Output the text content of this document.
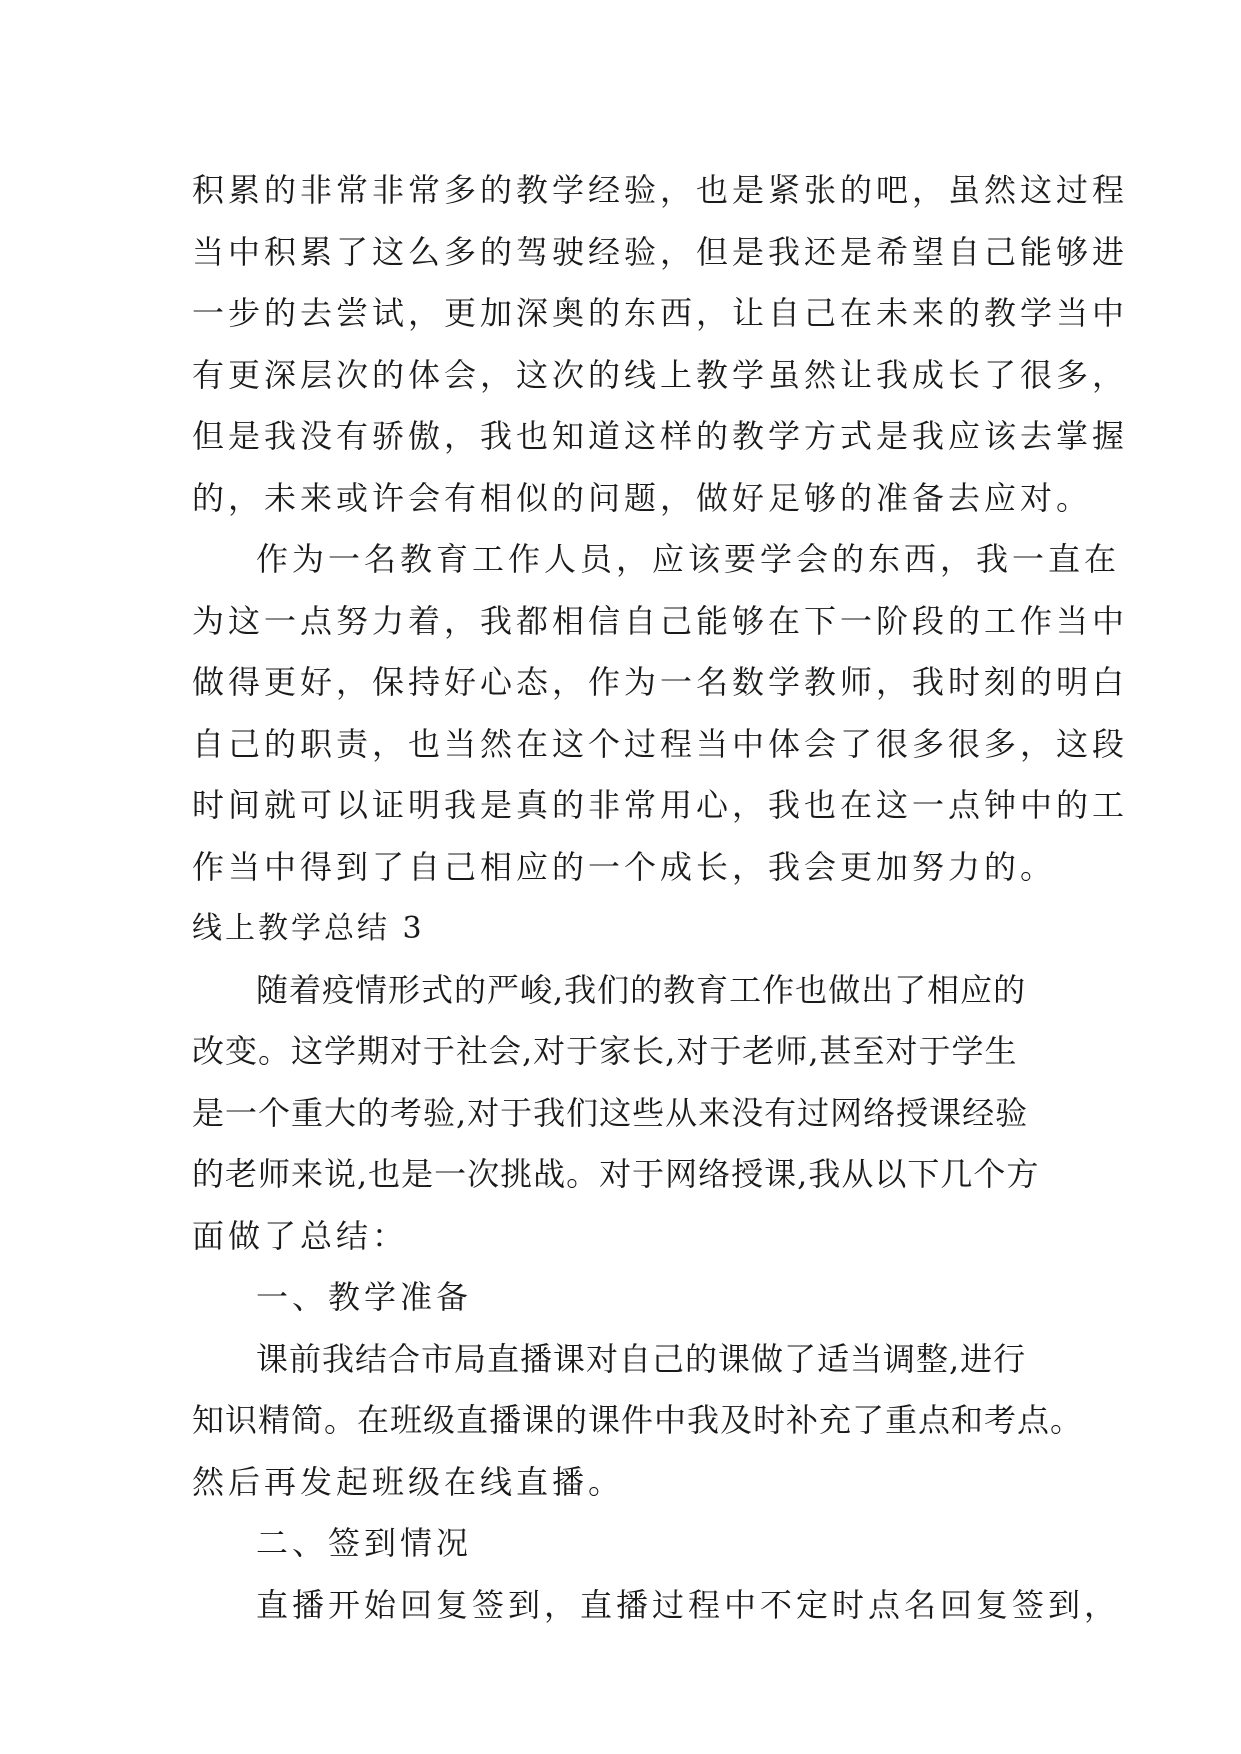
积累的非常非常多的教学经验，也是紧张的吧，虽然这过程
当中积累了这么多的驾驶经验，但是我还是希望自己能够进
一步的去尝试，更加深奥的东西，让自己在未来的教学当中
有更深层次的体会，这次的线上教学虽然让我成长了很多，
但是我没有骄傲，我也知道这样的教学方式是我应该去掌握
的，未来或许会有相似的问题，做好足够的准备去应对。
作为一名教育工作人员，应该要学会的东西，我一直在
为这一点努力着，我都相信自己能够在下一阶段的工作当中
做得更好，保持好心态，作为一名数学教师，我时刻的明白
自己的职责，也当然在这个过程当中体会了很多很多，这段
时间就可以证明我是真的非常用心，我也在这一点钟中的工
作当中得到了自己相应的一个成长，我会更加努力的。
线上教学总结 3
随着疫情形式的严峻,我们的教育工作也做出了相应的
改变。这学期对于社会,对于家长,对于老师,甚至对于学生
是一个重大的考验,对于我们这些从来没有过网络授课经验
的老师来说,也是一次挑战。对于网络授课,我从以下几个方
面做了总结：
一、教学准备
课前我结合市局直播课对自己的课做了适当调整,进行
知识精简。在班级直播课的课件中我及时补充了重点和考点。
然后再发起班级在线直播。
二、签到情况
直播开始回复签到，直播过程中不定时点名回复签到，
